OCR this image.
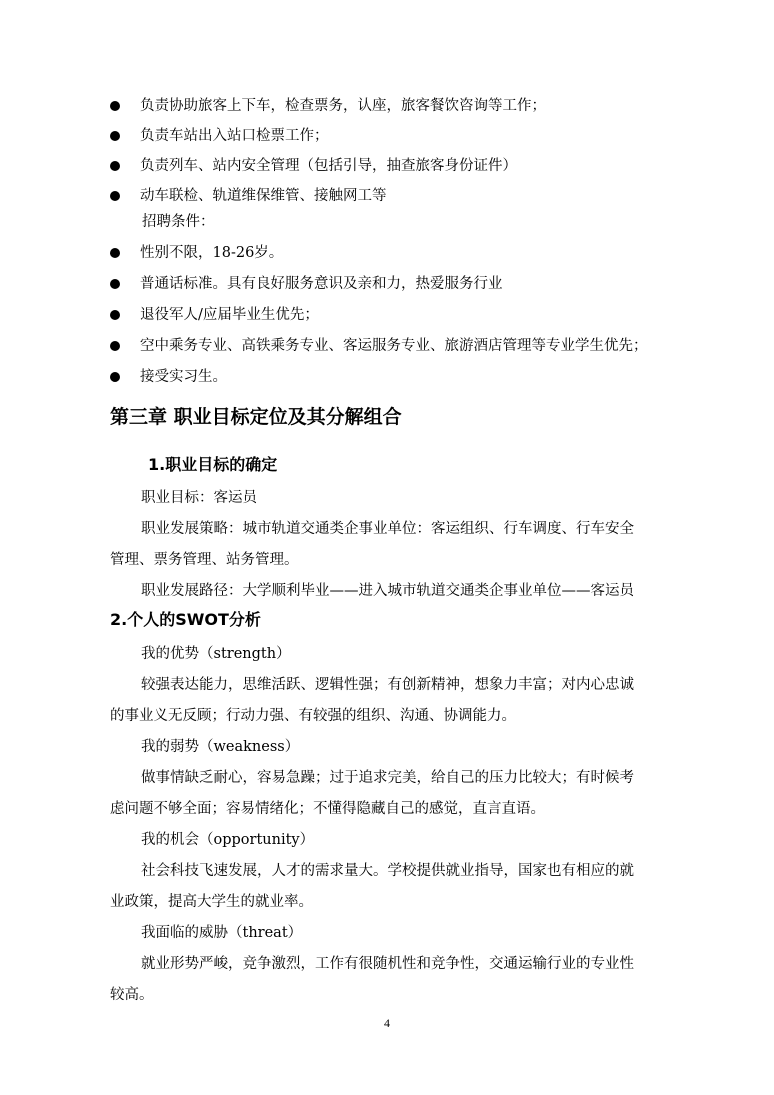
负责协助旅客上下车，检查票务，认座，旅客餐饮咨询等工作；
负责车站出入站口检票工作；
负责列车、站内安全管理（包括引导，抽查旅客身份证件）
动车联检、轨道维保维管、接触网工等
招聘条件：
性别不限，18-26岁。
普通话标准。具有良好服务意识及亲和力，热爱服务行业
退役军人/应届毕业生优先；
空中乘务专业、高铁乘务专业、客运服务专业、旅游酒店管理等专业学生优先；
接受实习生。
第三章 职业目标定位及其分解组合
1.职业目标的确定
职业目标：客运员
职业发展策略：城市轨道交通类企事业单位：客运组织、行车调度、行车安全
管理、票务管理、站务管理。
职业发展路径：大学顺利毕业——进入城市轨道交通类企事业单位——客运员
2.个人的SWOT分析
我的优势（strength）
较强表达能力，思维活跃、逻辑性强；有创新精神，想象力丰富；对内心忠诚
的事业义无反顾；行动力强、有较强的组织、沟通、协调能力。
我的弱势（weakness）
做事情缺乏耐心，容易急躁；过于追求完美，给自己的压力比较大；有时候考
虑问题不够全面；容易情绪化；不懂得隐藏自己的感觉，直言直语。
我的机会（opportunity）
社会科技飞速发展，人才的需求量大。学校提供就业指导，国家也有相应的就
业政策，提高大学生的就业率。
我面临的威胁（threat）
就业形势严峻，竞争激烈，工作有很随机性和竞争性，交通运输行业的专业性
较高。
4
